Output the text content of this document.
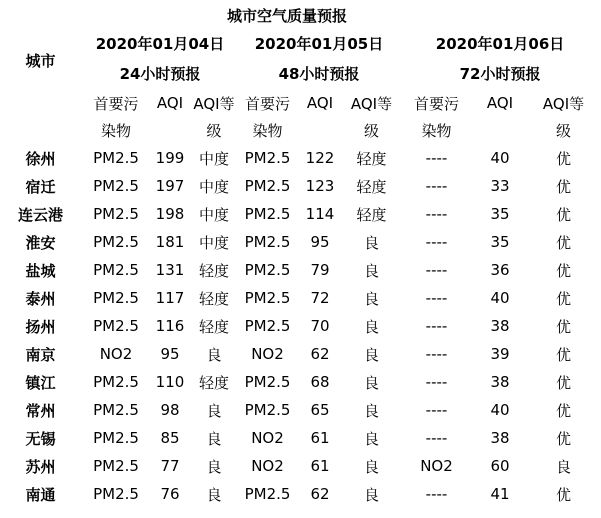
	城市空气质量预报								
城市	2020年01月04日			2020年01月05日			2020年01月06日		
	24小时预报			48小时预报			72小时预报		
	首要污	AQI	AQI等	首要污	AQI	AQI等	首要污	AQI	AQI等
	染物		级	染物		级	染物		级
徐州	PM2.5	199	中度	PM2.5	122	轻度	----	40	优
宿迁	PM2.5	197	中度	PM2.5	123	轻度	----	33	优
连云港	PM2.5	198	中度	PM2.5	114	轻度	----	35	优
淮安	PM2.5	181	中度	PM2.5	95	良	----	35	优
盐城	PM2.5	131	轻度	PM2.5	79	良	----	36	优
泰州	PM2.5	117	轻度	PM2.5	72	良	----	40	优
扬州	PM2.5	116	轻度	PM2.5	70	良	----	38	优
南京	NO2	95	良	NO2	62	良	----	39	优
镇江	PM2.5	110	轻度	PM2.5	68	良	----	38	优
常州	PM2.5	98	良	PM2.5	65	良	----	40	优
无锡	PM2.5	85	良	NO2	61	良	----	38	优
苏州	PM2.5	77	良	NO2	61	良	NO2	60	良
南通	PM2.5	76	良	PM2.5	62	良	----	41	优
